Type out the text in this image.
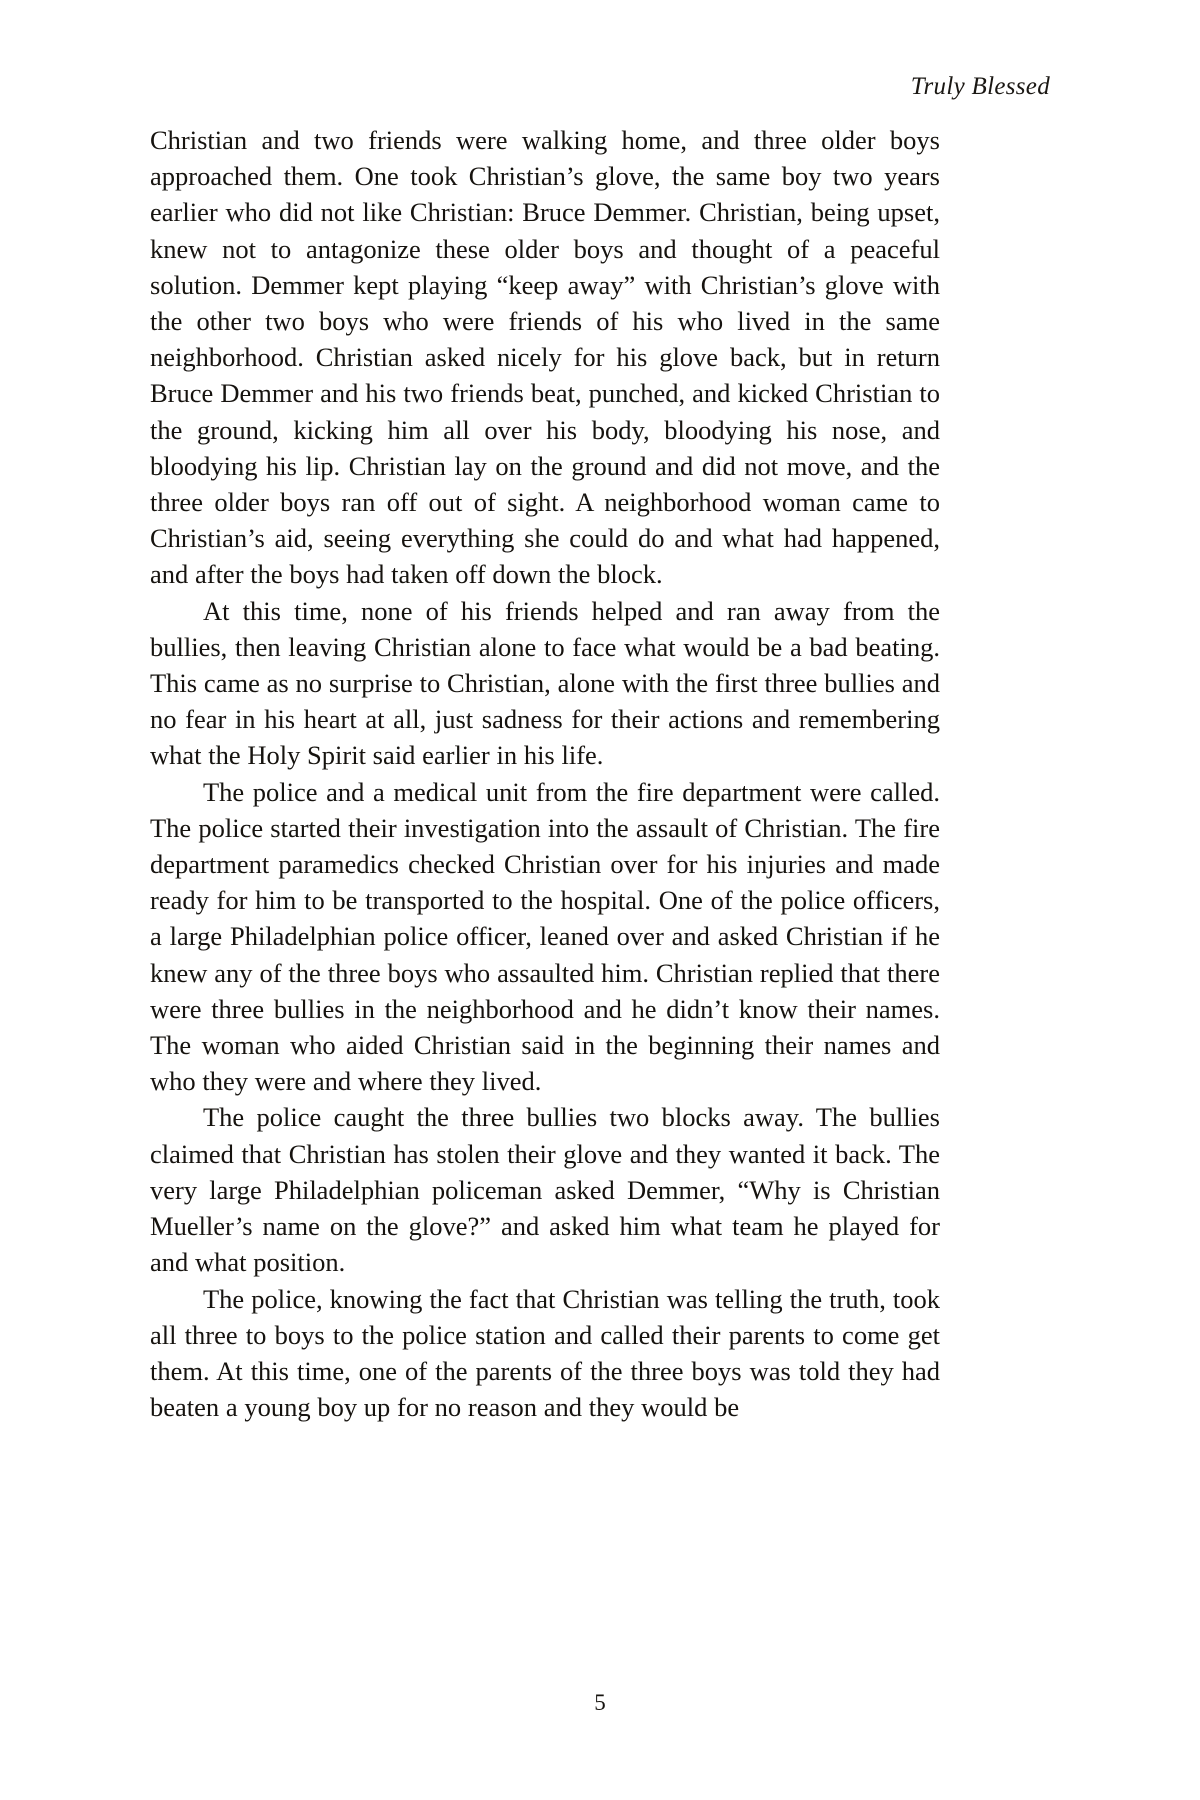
Truly Blessed

Christian and two friends were walking home, and three older boys approached them. One took Christian’s glove, the same boy two years earlier who did not like Christian: Bruce Demmer. Christian, being upset, knew not to antagonize these older boys and thought of a peaceful solution. Demmer kept playing “keep away” with Christian’s glove with the other two boys who were friends of his who lived in the same neighborhood. Christian asked nicely for his glove back, but in return Bruce Demmer and his two friends beat, punched, and kicked Christian to the ground, kicking him all over his body, bloodying his nose, and bloodying his lip. Christian lay on the ground and did not move, and the three older boys ran off out of sight. A neighborhood woman came to Christian’s aid, seeing everything she could do and what had happened, and after the boys had taken off down the block.

At this time, none of his friends helped and ran away from the bullies, then leaving Christian alone to face what would be a bad beating. This came as no surprise to Christian, alone with the first three bullies and no fear in his heart at all, just sadness for their actions and remembering what the Holy Spirit said earlier in his life.

The police and a medical unit from the fire department were called. The police started their investigation into the assault of Christian. The fire department paramedics checked Christian over for his injuries and made ready for him to be transported to the hospital. One of the police officers, a large Philadelphian police officer, leaned over and asked Christian if he knew any of the three boys who assaulted him. Christian replied that there were three bullies in the neighborhood and he didn’t know their names. The woman who aided Christian said in the beginning their names and who they were and where they lived.

The police caught the three bullies two blocks away. The bullies claimed that Christian has stolen their glove and they wanted it back. The very large Philadelphian policeman asked Demmer, “Why is Christian Mueller’s name on the glove?” and asked him what team he played for and what position.

The police, knowing the fact that Christian was telling the truth, took all three to boys to the police station and called their parents to come get them. At this time, one of the parents of the three boys was told they had beaten a young boy up for no reason and they would be

5
